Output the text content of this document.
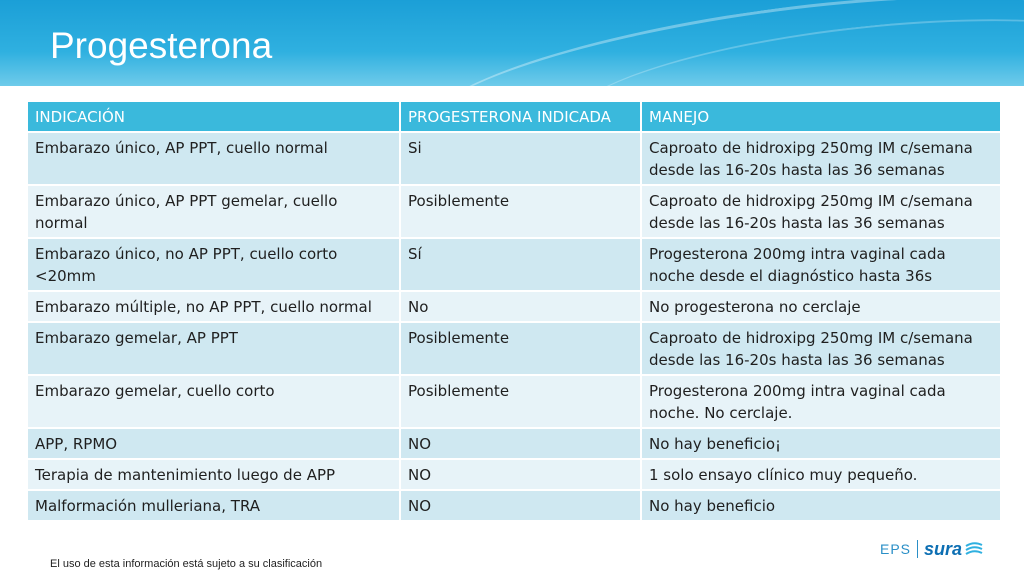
Progesterona
INDICACIÓN	PROGESTERONA INDICADA	MANEJO
Embarazo único, AP PPT, cuello normal	Si	Caproato de hidroxipg 250mg IM c/semana desde las 16-20s hasta las 36 semanas
Embarazo único, AP PPT gemelar, cuello normal	Posiblemente	Caproato de hidroxipg 250mg IM c/semana desde las 16-20s hasta las 36 semanas
Embarazo único, no AP PPT, cuello corto <20mm	Sí	Progesterona 200mg intra vaginal cada noche desde el diagnóstico hasta 36s
Embarazo múltiple, no AP PPT, cuello normal	No	No progesterona no cerclaje
Embarazo gemelar, AP PPT	Posiblemente	Caproato de hidroxipg 250mg IM c/semana desde las 16-20s hasta las 36 semanas
Embarazo gemelar, cuello corto	Posiblemente	Progesterona 200mg intra vaginal cada noche. No cerclaje.
APP, RPMO	NO	No hay beneficio¡
Terapia de mantenimiento luego de APP	NO	1 solo ensayo clínico muy pequeño.
Malformación mulleriana, TRA	NO	No hay beneficio
El uso de esta información está sujeto a su clasificación
EPS sura
